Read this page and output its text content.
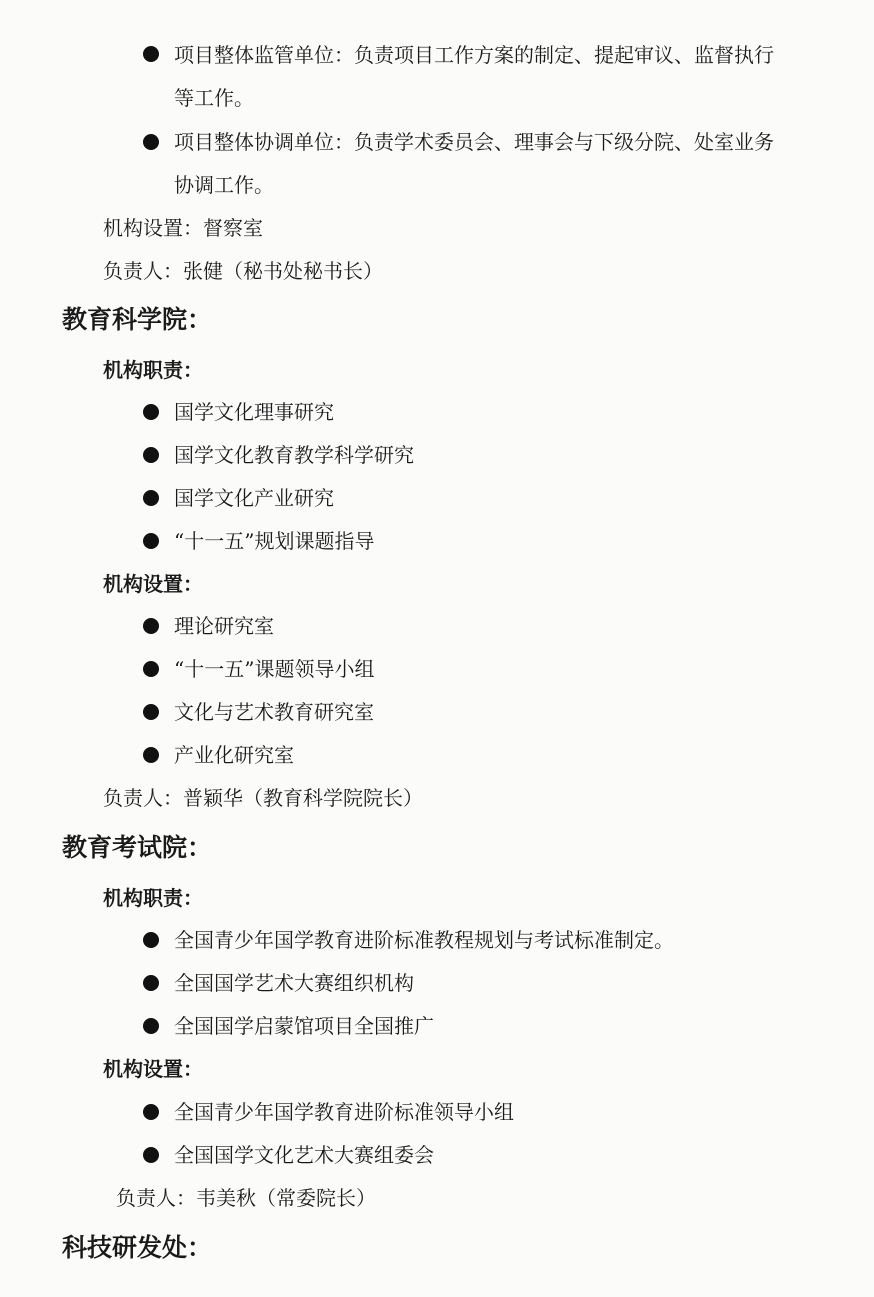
项目整体监管单位：负责项目工作方案的制定、提起审议、监督执行
等工作。
项目整体协调单位：负责学术委员会、理事会与下级分院、处室业务
协调工作。
机构设置：督察室
负责人：张健（秘书处秘书长）
教育科学院：
机构职责：
国学文化理事研究
国学文化教育教学科学研究
国学文化产业研究
“十一五”规划课题指导
机构设置：
理论研究室
“十一五”课题领导小组
文化与艺术教育研究室
产业化研究室
负责人：普颖华（教育科学院院长）
教育考试院：
机构职责：
全国青少年国学教育进阶标准教程规划与考试标准制定。
全国国学艺术大赛组织机构
全国国学启蒙馆项目全国推广
机构设置：
全国青少年国学教育进阶标准领导小组
全国国学文化艺术大赛组委会
负责人：韦美秋（常委院长）
科技研发处：
